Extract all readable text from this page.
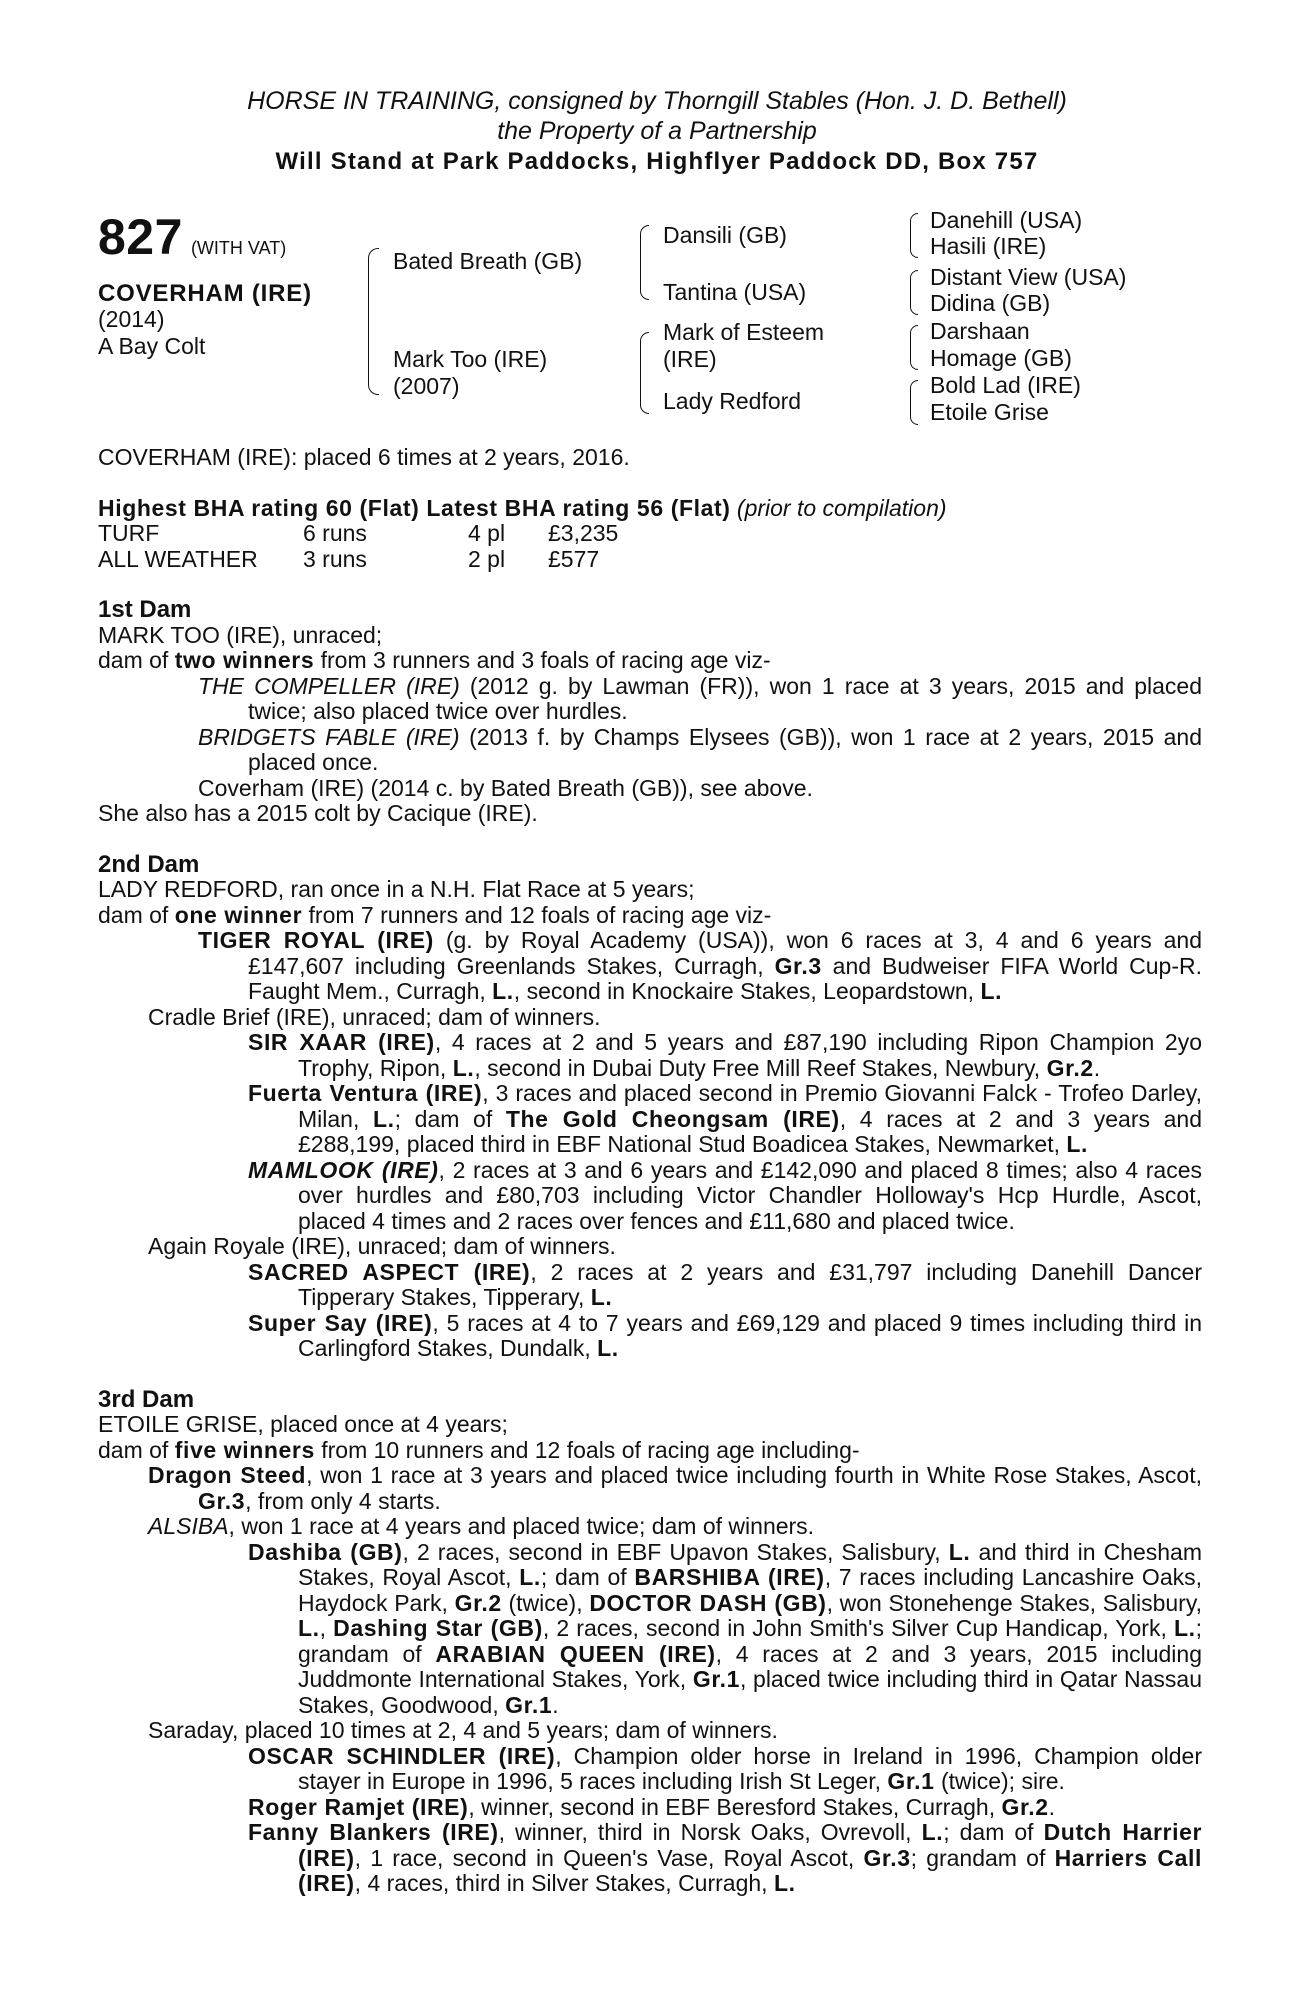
HORSE IN TRAINING, consigned by Thorngill Stables (Hon. J. D. Bethell)
the Property of a Partnership
Will Stand at Park Paddocks, Highflyer Paddock DD, Box 757
827 (WITH VAT)
COVERHAM (IRE)
(2014)
A Bay Colt
Bated Breath (GB)
Mark Too (IRE)
(2007)
Dansili (GB)
Tantina (USA)
Mark of Esteem
(IRE)
Lady Redford
Danehill (USA)
Hasili (IRE)
Distant View (USA)
Didina (GB)
Darshaan
Homage (GB)
Bold Lad (IRE)
Etoile Grise
COVERHAM (IRE): placed 6 times at 2 years, 2016.
Highest BHA rating 60 (Flat) Latest BHA rating 56 (Flat) (prior to compilation)
TURF	6 runs	4 pl	£3,235
ALL WEATHER	3 runs	2 pl	£577
1st Dam
MARK TOO (IRE), unraced;
dam of two winners from 3 runners and 3 foals of racing age viz-
THE COMPELLER (IRE) (2012 g. by Lawman (FR)), won 1 race at 3 years, 2015 and placed twice; also placed twice over hurdles.
BRIDGETS FABLE (IRE) (2013 f. by Champs Elysees (GB)), won 1 race at 2 years, 2015 and placed once.
Coverham (IRE) (2014 c. by Bated Breath (GB)), see above.
She also has a 2015 colt by Cacique (IRE).
2nd Dam
LADY REDFORD, ran once in a N.H. Flat Race at 5 years;
dam of one winner from 7 runners and 12 foals of racing age viz-
TIGER ROYAL (IRE) (g. by Royal Academy (USA)), won 6 races at 3, 4 and 6 years and £147,607 including Greenlands Stakes, Curragh, Gr.3 and Budweiser FIFA World Cup-R. Faught Mem., Curragh, L., second in Knockaire Stakes, Leopardstown, L.
Cradle Brief (IRE), unraced; dam of winners.
SIR XAAR (IRE), 4 races at 2 and 5 years and £87,190 including Ripon Champion 2yo Trophy, Ripon, L., second in Dubai Duty Free Mill Reef Stakes, Newbury, Gr.2.
Fuerta Ventura (IRE), 3 races and placed second in Premio Giovanni Falck - Trofeo Darley, Milan, L.; dam of The Gold Cheongsam (IRE), 4 races at 2 and 3 years and £288,199, placed third in EBF National Stud Boadicea Stakes, Newmarket, L.
MAMLOOK (IRE), 2 races at 3 and 6 years and £142,090 and placed 8 times; also 4 races over hurdles and £80,703 including Victor Chandler Holloway's Hcp Hurdle, Ascot, placed 4 times and 2 races over fences and £11,680 and placed twice.
Again Royale (IRE), unraced; dam of winners.
SACRED ASPECT (IRE), 2 races at 2 years and £31,797 including Danehill Dancer Tipperary Stakes, Tipperary, L.
Super Say (IRE), 5 races at 4 to 7 years and £69,129 and placed 9 times including third in Carlingford Stakes, Dundalk, L.
3rd Dam
ETOILE GRISE, placed once at 4 years;
dam of five winners from 10 runners and 12 foals of racing age including-
Dragon Steed, won 1 race at 3 years and placed twice including fourth in White Rose Stakes, Ascot, Gr.3, from only 4 starts.
ALSIBA, won 1 race at 4 years and placed twice; dam of winners.
Dashiba (GB), 2 races, second in EBF Upavon Stakes, Salisbury, L. and third in Chesham Stakes, Royal Ascot, L.; dam of BARSHIBA (IRE), 7 races including Lancashire Oaks, Haydock Park, Gr.2 (twice), DOCTOR DASH (GB), won Stonehenge Stakes, Salisbury, L., Dashing Star (GB), 2 races, second in John Smith's Silver Cup Handicap, York, L.; grandam of ARABIAN QUEEN (IRE), 4 races at 2 and 3 years, 2015 including Juddmonte International Stakes, York, Gr.1, placed twice including third in Qatar Nassau Stakes, Goodwood, Gr.1.
Saraday, placed 10 times at 2, 4 and 5 years; dam of winners.
OSCAR SCHINDLER (IRE), Champion older horse in Ireland in 1996, Champion older stayer in Europe in 1996, 5 races including Irish St Leger, Gr.1 (twice); sire.
Roger Ramjet (IRE), winner, second in EBF Beresford Stakes, Curragh, Gr.2.
Fanny Blankers (IRE), winner, third in Norsk Oaks, Ovrevoll, L.; dam of Dutch Harrier (IRE), 1 race, second in Queen's Vase, Royal Ascot, Gr.3; grandam of Harriers Call (IRE), 4 races, third in Silver Stakes, Curragh, L.
